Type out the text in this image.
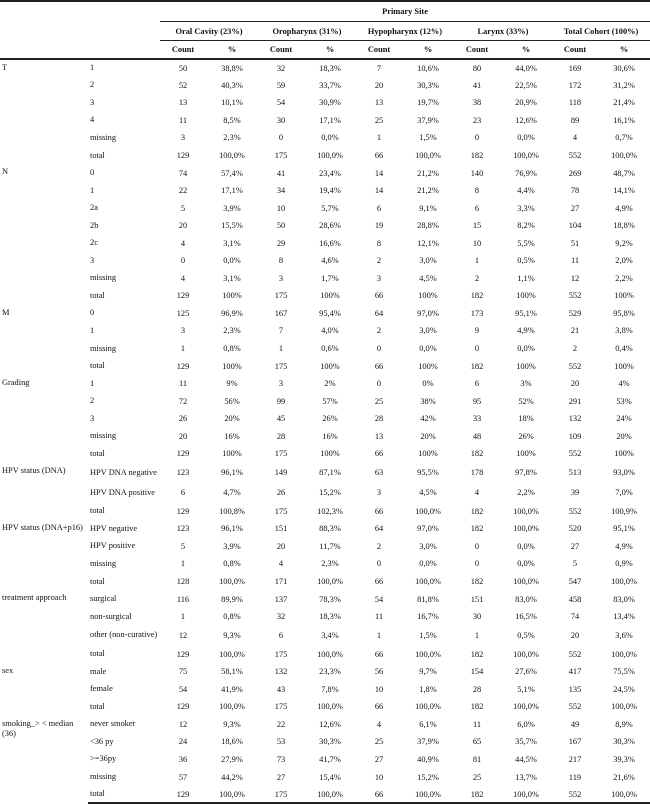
		Primary Site									
		Oral Cavity (23%)		Oropharynx (31%)		Hypopharynx (12%)		Larynx (33%)		Total Cohort (100%)	
		Count	%	Count	%	Count	%	Count	%	Count	%
T	1	50	38,8%	32	18,3%	7	10,6%	80	44,0%	169	30,6%
	2	52	40,3%	59	33,7%	20	30,3%	41	22,5%	172	31,2%
	3	13	10,1%	54	30,9%	13	19,7%	38	20,9%	118	21,4%
	4	11	8,5%	30	17,1%	25	37,9%	23	12,6%	89	16,1%
	missing	3	2,3%	0	0,0%	1	1,5%	0	0,0%	4	0,7%
	total	129	100,0%	175	100,0%	66	100,0%	182	100,0%	552	100,0%
N	0	74	57,4%	41	23,4%	14	21,2%	140	76,9%	269	48,7%
	1	22	17,1%	34	19,4%	14	21,2%	8	4,4%	78	14,1%
	2a	5	3,9%	10	5,7%	6	9,1%	6	3,3%	27	4,9%
	2b	20	15,5%	50	28,6%	19	28,8%	15	8,2%	104	18,8%
	2c	4	3,1%	29	16,6%	8	12,1%	10	5,5%	51	9,2%
	3	0	0,0%	8	4,6%	2	3,0%	1	0,5%	11	2,0%
	missing	4	3,1%	3	1,7%	3	4,5%	2	1,1%	12	2,2%
	total	129	100%	175	100%	66	100%	182	100%	552	100%
M	0	125	96,9%	167	95,4%	64	97,0%	173	95,1%	529	95,8%
	1	3	2,3%	7	4,0%	2	3,0%	9	4,9%	21	3,8%
	missing	1	0,8%	1	0,6%	0	0,0%	0	0,0%	2	0,4%
	total	129	100%	175	100%	66	100%	182	100%	552	100%
Grading	1	11	9%	3	2%	0	0%	6	3%	20	4%
	2	72	56%	99	57%	25	38%	95	52%	291	53%
	3	26	20%	45	26%	28	42%	33	18%	132	24%
	missing	20	16%	28	16%	13	20%	48	26%	109	20%
	total	129	100%	175	100%	66	100%	182	100%	552	100%
HPV status (DNA)	HPV DNA negative	123	96,1%	149	87,1%	63	95,5%	178	97,8%	513	93,0%
	HPV DNA positive	6	4,7%	26	15,2%	3	4,5%	4	2,2%	39	7,0%
	total	129	100,8%	175	102,3%	66	100,0%	182	100,0%	552	100,9%
HPV status (DNA+p16)	HPV negative	123	96,1%	151	88,3%	64	97,0%	182	100,0%	520	95,1%
	HPV positive	5	3,9%	20	11,7%	2	3,0%	0	0,0%	27	4,9%
	missing	1	0,8%	4	2,3%	0	0,0%	0	0,0%	5	0,9%
	total	128	100,0%	171	100,0%	66	100,0%	182	100,0%	547	100,0%
treatment approach	surgical	116	89,9%	137	78,3%	54	81,8%	151	83,0%	458	83,0%
	non-surgical	1	0,8%	32	18,3%	11	16,7%	30	16,5%	74	13,4%
	other (non-curative)	12	9,3%	6	3,4%	1	1,5%	1	0,5%	20	3,6%
	total	129	100,0%	175	100,0%	66	100,0%	182	100,0%	552	100,0%
sex	male	75	58,1%	132	23,3%	56	9,7%	154	27,6%	417	75,5%
	female	54	41,9%	43	7,8%	10	1,8%	28	5,1%	135	24,5%
	total	129	100,0%	175	100,0%	66	100,0%	182	100,0%	552	100,0%
smoking_> < median (36)	never smoker	12	9,3%	22	12,6%	4	6,1%	11	6,0%	49	8,9%
	<36 py	24	18,6%	53	30,3%	25	37,9%	65	35,7%	167	30,3%
	>=36py	36	27,9%	73	41,7%	27	40,9%	81	44,5%	217	39,3%
	missing	57	44,2%	27	15,4%	10	15,2%	25	13,7%	119	21,6%
	total	129	100,0%	175	100,0%	66	100,0%	182	100,0%	552	100,0%
